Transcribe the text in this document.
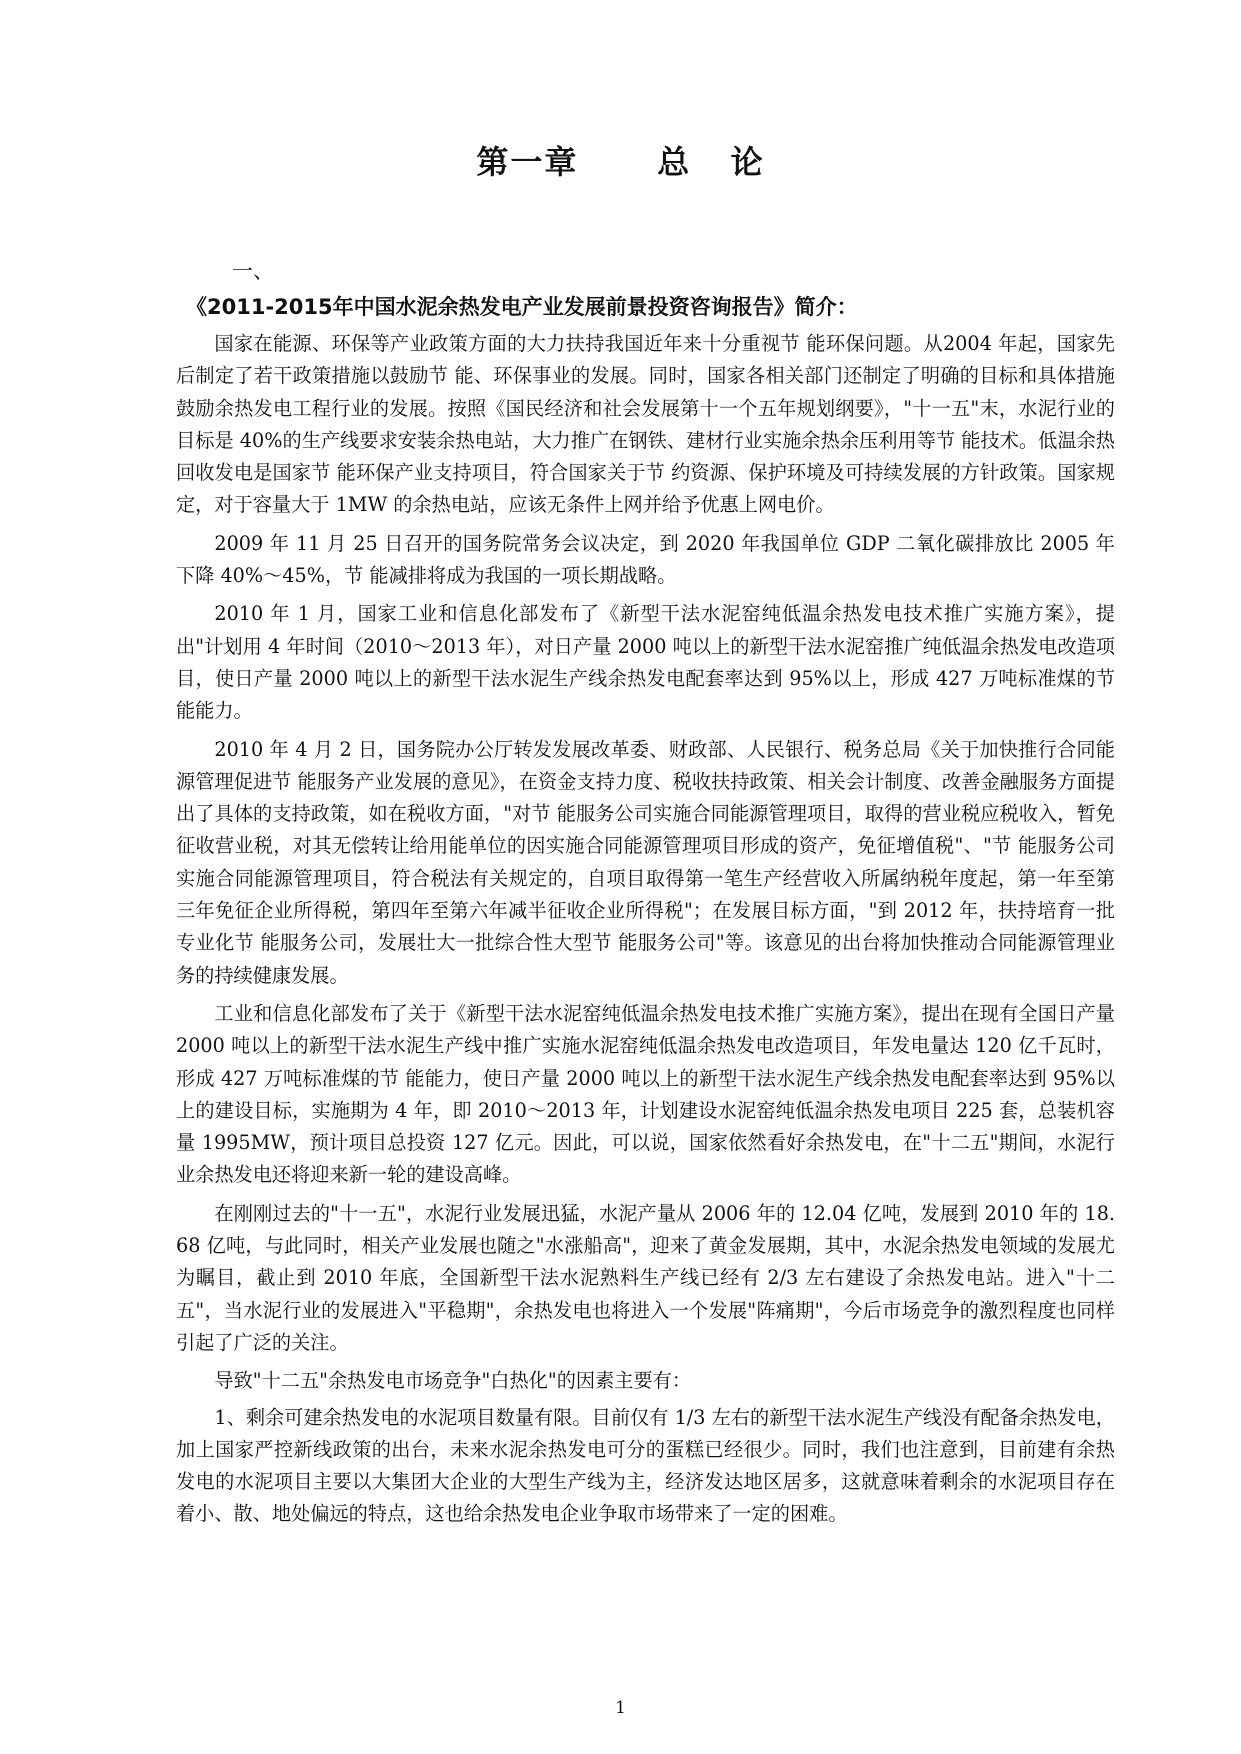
第一章      总   论
一、
《2011-2015年中国水泥余热发电产业发展前景投资咨询报告》简介：

国家在能源、环保等产业政策方面的大力扶持我国近年来十分重视节 能环保问题。从2004 年起，国家先后制定了若干政策措施以鼓励节 能、环保事业的发展。同时，国家各相关部门还制定了明确的目标和具体措施鼓励余热发电工程行业的发展。按照《国民经济和社会发展第十一个五年规划纲要》，"十一五"末，水泥行业的目标是 40%的生产线要求安装余热电站，大力推广在钢铁、建材行业实施余热余压利用等节 能技术。低温余热回收发电是国家节 能环保产业支持项目，符合国家关于节 约资源、保护环境及可持续发展的方针政策。国家规定，对于容量大于 1MW 的余热电站，应该无条件上网并给予优惠上网电价。

2009 年 11 月 25 日召开的国务院常务会议决定，到 2020 年我国单位 GDP 二氧化碳排放比 2005 年下降 40%～45%，节 能减排将成为我国的一项长期战略。

2010 年 1 月，国家工业和信息化部发布了《新型干法水泥窑纯低温余热发电技术推广实施方案》，提出"计划用 4 年时间（2010～2013 年），对日产量 2000 吨以上的新型干法水泥窑推广纯低温余热发电改造项目，使日产量 2000 吨以上的新型干法水泥生产线余热发电配套率达到 95%以上，形成 427 万吨标准煤的节 能能力。

2010 年 4 月 2 日，国务院办公厅转发发展改革委、财政部、人民银行、税务总局《关于加快推行合同能源管理促进节 能服务产业发展的意见》，在资金支持力度、税收扶持政策、相关会计制度、改善金融服务方面提出了具体的支持政策，如在税收方面，"对节 能服务公司实施合同能源管理项目，取得的营业税应税收入，暂免征收营业税，对其无偿转让给用能单位的因实施合同能源管理项目形成的资产，免征增值税"、"节 能服务公司实施合同能源管理项目，符合税法有关规定的，自项目取得第一笔生产经营收入所属纳税年度起，第一年至第三年免征企业所得税，第四年至第六年减半征收企业所得税"；在发展目标方面，"到 2012 年，扶持培育一批专业化节 能服务公司，发展壮大一批综合性大型节 能服务公司"等。该意见的出台将加快推动合同能源管理业务的持续健康发展。

工业和信息化部发布了关于《新型干法水泥窑纯低温余热发电技术推广实施方案》，提出在现有全国日产量 2000 吨以上的新型干法水泥生产线中推广实施水泥窑纯低温余热发电改造项目，年发电量达 120 亿千瓦时，形成 427 万吨标准煤的节 能能力，使日产量 2000 吨以上的新型干法水泥生产线余热发电配套率达到 95%以上的建设目标，实施期为 4 年，即 2010～2013 年，计划建设水泥窑纯低温余热发电项目 225 套，总装机容量 1995MW，预计项目总投资 127 亿元。因此，可以说，国家依然看好余热发电，在"十二五"期间，水泥行业余热发电还将迎来新一轮的建设高峰。

在刚刚过去的"十一五"，水泥行业发展迅猛，水泥产量从 2006 年的 12.04 亿吨，发展到 2010 年的 18.68 亿吨，与此同时，相关产业发展也随之"水涨船高"，迎来了黄金发展期，其中，水泥余热发电领域的发展尤为瞩目，截止到 2010 年底，全国新型干法水泥熟料生产线已经有 2/3 左右建设了余热发电站。进入"十二五"，当水泥行业的发展进入"平稳期"，余热发电也将进入一个发展"阵痛期"，今后市场竞争的激烈程度也同样引起了广泛的关注。

导致"十二五"余热发电市场竞争"白热化"的因素主要有：

1、剩余可建余热发电的水泥项目数量有限。目前仅有 1/3 左右的新型干法水泥生产线没有配备余热发电，加上国家严控新线政策的出台，未来水泥余热发电可分的蛋糕已经很少。同时，我们也注意到，目前建有余热发电的水泥项目主要以大集团大企业的大型生产线为主，经济发达地区居多，这就意味着剩余的水泥项目存在着小、散、地处偏远的特点，这也给余热发电企业争取市场带来了一定的困难。

1
